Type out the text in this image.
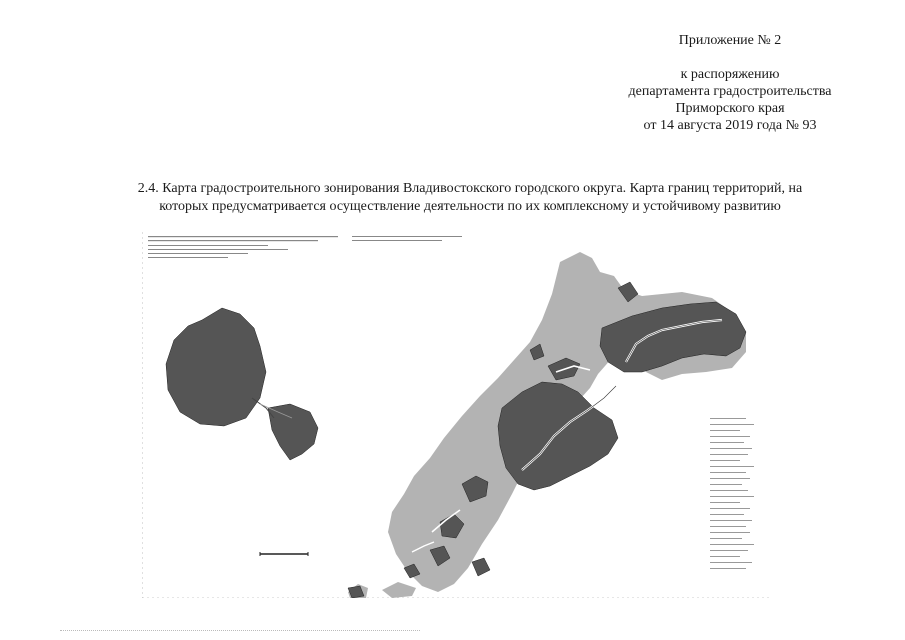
Приложение № 2
к распоряжению
департамента градостроительства
Приморского края
от 14 августа 2019 года № 93
2.4. Карта градостроительного зонирования Владивостокского городского округа. Карта границ территорий, на
которых предусматривается осуществление деятельности по их комплексному и устойчивому развитию
